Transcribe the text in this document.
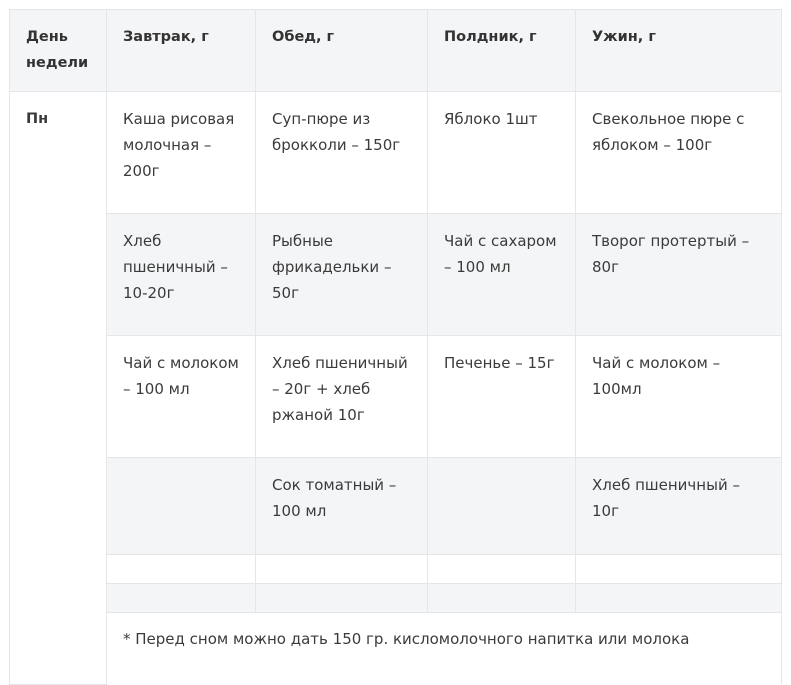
День недели	Завтрак, г	Обед, г	Полдник, г	Ужин, г
Пн	Каша рисовая молочная – 200г	Суп-пюре из брокколи – 150г	Яблоко 1шт	Свекольное пюре с яблоком – 100г
	Хлеб пшеничный – 10-20г	Рыбные фрикадельки – 50г	Чай с сахаром – 100 мл	Творог протертый – 80г
	Чай с молоком – 100 мл	Хлеб пшеничный – 20г + хлеб ржаной 10г	Печенье – 15г	Чай с молоком – 100мл
		Сок томатный – 100 мл		Хлеб пшеничный – 10г

	* Перед сном можно дать 150 гр. кисломолочного напитка или молока			
